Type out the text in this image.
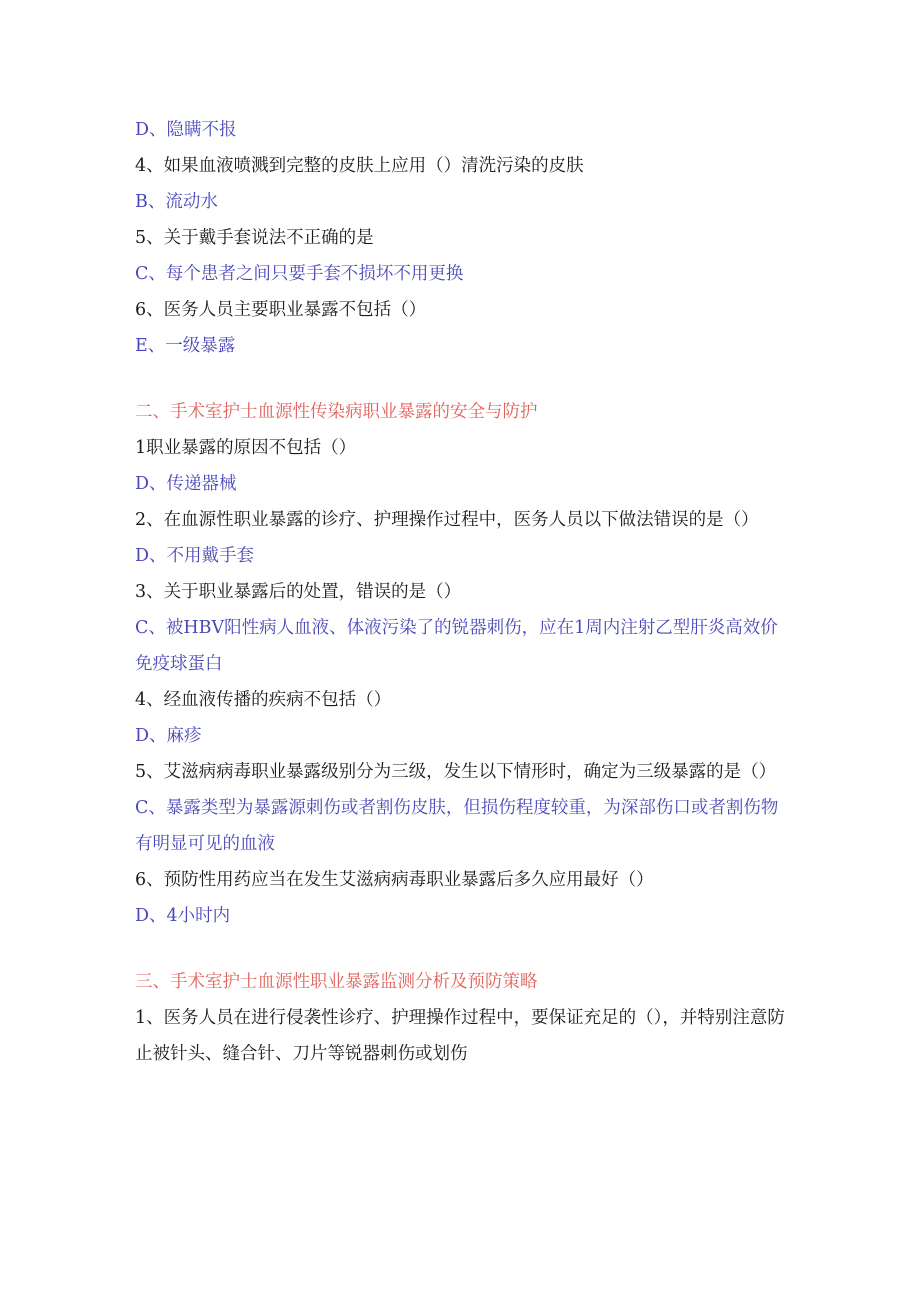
D、隐瞒不报

4、如果血液喷溅到完整的皮肤上应用（）清洗污染的皮肤

B、流动水

5、关于戴手套说法不正确的是

C、每个患者之间只要手套不损坏不用更换

6、医务人员主要职业暴露不包括（）

E、一级暴露

二、手术室护士血源性传染病职业暴露的安全与防护

1职业暴露的原因不包括（）

D、传递器械

2、在血源性职业暴露的诊疗、护理操作过程中，医务人员以下做法错误的是（）

D、不用戴手套

3、关于职业暴露后的处置，错误的是（）

C、被HBV阳性病人血液、体液污染了的锐器刺伤，应在1周内注射乙型肝炎高效价免疫球蛋白

4、经血液传播的疾病不包括（）

D、麻疹

5、艾滋病病毒职业暴露级别分为三级，发生以下情形时，确定为三级暴露的是（）

C、暴露类型为暴露源刺伤或者割伤皮肤，但损伤程度较重，为深部伤口或者割伤物有明显可见的血液

6、预防性用药应当在发生艾滋病病毒职业暴露后多久应用最好（）

D、4小时内

三、手术室护士血源性职业暴露监测分析及预防策略

1、医务人员在进行侵袭性诊疗、护理操作过程中，要保证充足的（），并特别注意防止被针头、缝合针、刀片等锐器刺伤或划伤
